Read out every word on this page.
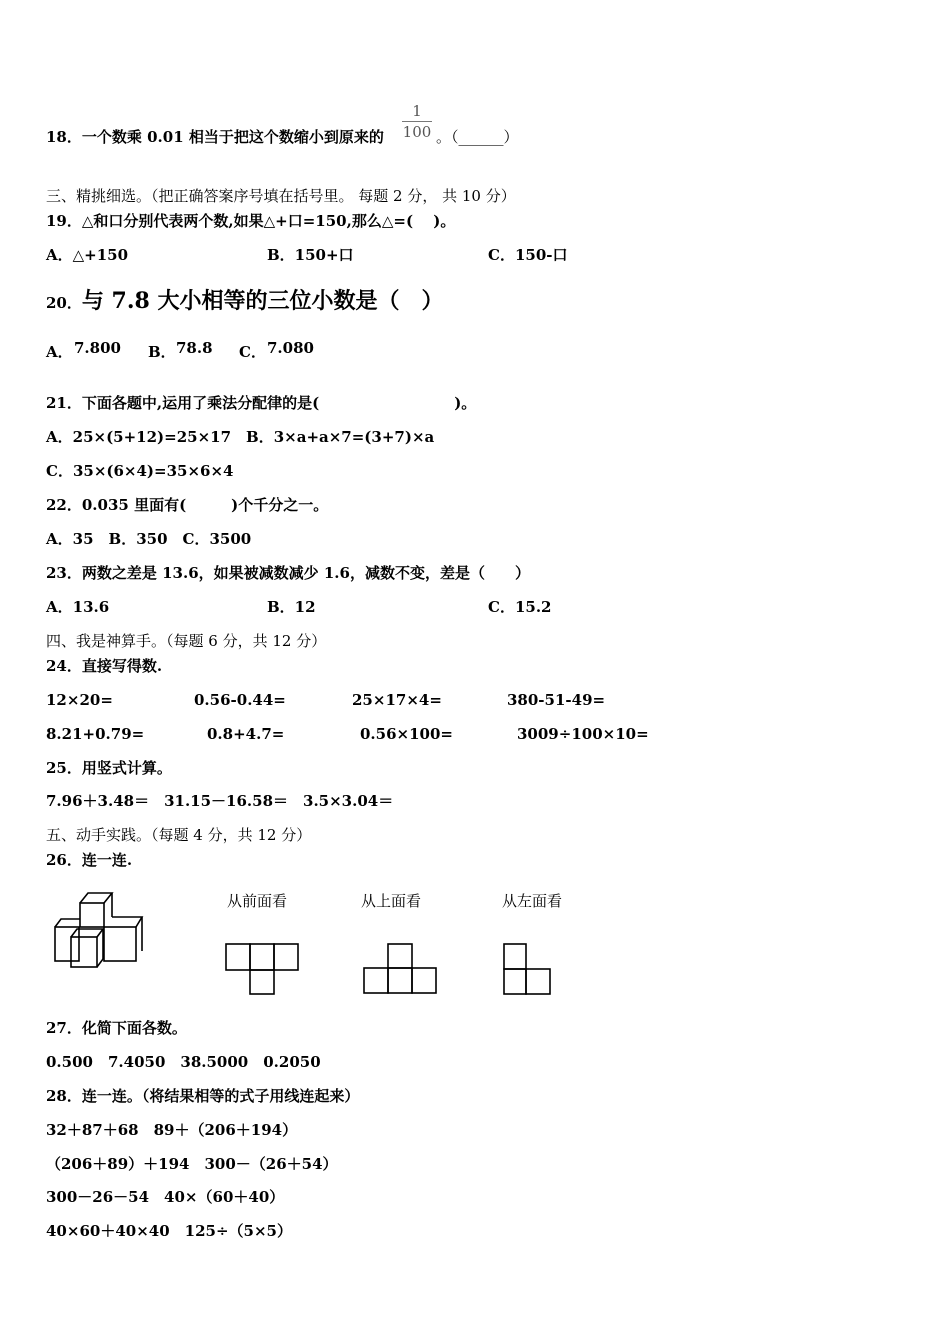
18．一个数乘 0.01 相当于把这个数缩小到原来的
1
100 。（______）
三、精挑细选。（把正确答案序号填在括号里。 每题 2 分， 共 10 分）
19．△和口分别代表两个数,如果△+口=150,那么△=(　 )。
A．△+150	B．150+口	C．150-口
20．与 7.8 大小相等的三位小数是（　）
A． 7.800 B． 78.8 C． 7.080
21．下面各题中,运用了乘法分配律的是(　　　　　　　　　)。
A．25×(5+12)=25×17　B．3×a+a×7=(3+7)×a
C．35×(6×4)=35×6×4
22．0.035 里面有(　　　)个千分之一。
A．35　B．350　C．3500
23．两数之差是 13.6，如果被减数减少 1.6，减数不变，差是（　　）
A．13.6	B．12	C．15.2
四、我是神算手。（每题 6 分，共 12 分）
24．直接写得数.
12×20=	0.56-0.44=	25×17×4=	380-51-49=
8.21+0.79=	0.8+4.7=	0.56×100=	3009÷100×10=
25．用竖式计算。
7.96＋3.48＝　31.15－16.58＝　3.5×3.04＝
五、动手实践。（每题 4 分，共 12 分）
26．连一连.
从前面看	从上面看	从左面看
27．化简下面各数。
0.500　7.4050　38.5000　0.2050
28．连一连。（将结果相等的式子用线连起来）
32＋87＋68　89＋（206＋194）
（206＋89）＋194　300－（26＋54）
300－26－54　40×（60＋40）
40×60＋40×40　125÷（5×5）
